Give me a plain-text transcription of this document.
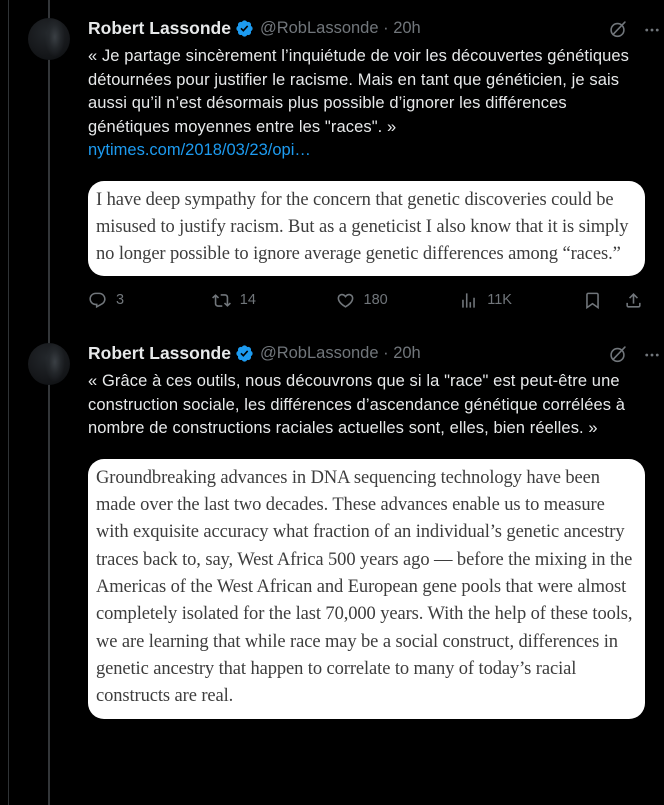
Robert Lassonde @RobLassonde · 20h

« Je partage sincèrement l’inquiétude de voir les découvertes génétiques détournées pour justifier le racisme. Mais en tant que généticien, je sais aussi qu’il n’est désormais plus possible d’ignorer les différences génétiques moyennes entre les "races". »

nytimes.com/2018/03/23/opi…

I have deep sympathy for the concern that genetic discoveries could be misused to justify racism. But as a geneticist I also know that it is simply no longer possible to ignore average genetic differences among “races.”

3	14	180	11K
Robert Lassonde @RobLassonde · 20h

« Grâce à ces outils, nous découvrons que si la "race" est peut-être une construction sociale, les différences d’ascendance génétique corrélées à nombre de constructions raciales actuelles sont, elles, bien réelles. »

Groundbreaking advances in DNA sequencing technology have been made over the last two decades. These advances enable us to measure with exquisite accuracy what fraction of an individual’s genetic ancestry traces back to, say, West Africa 500 years ago — before the mixing in the Americas of the West African and European gene pools that were almost completely isolated for the last 70,000 years. With the help of these tools, we are learning that while race may be a social construct, differences in genetic ancestry that happen to correlate to many of today’s racial constructs are real.
